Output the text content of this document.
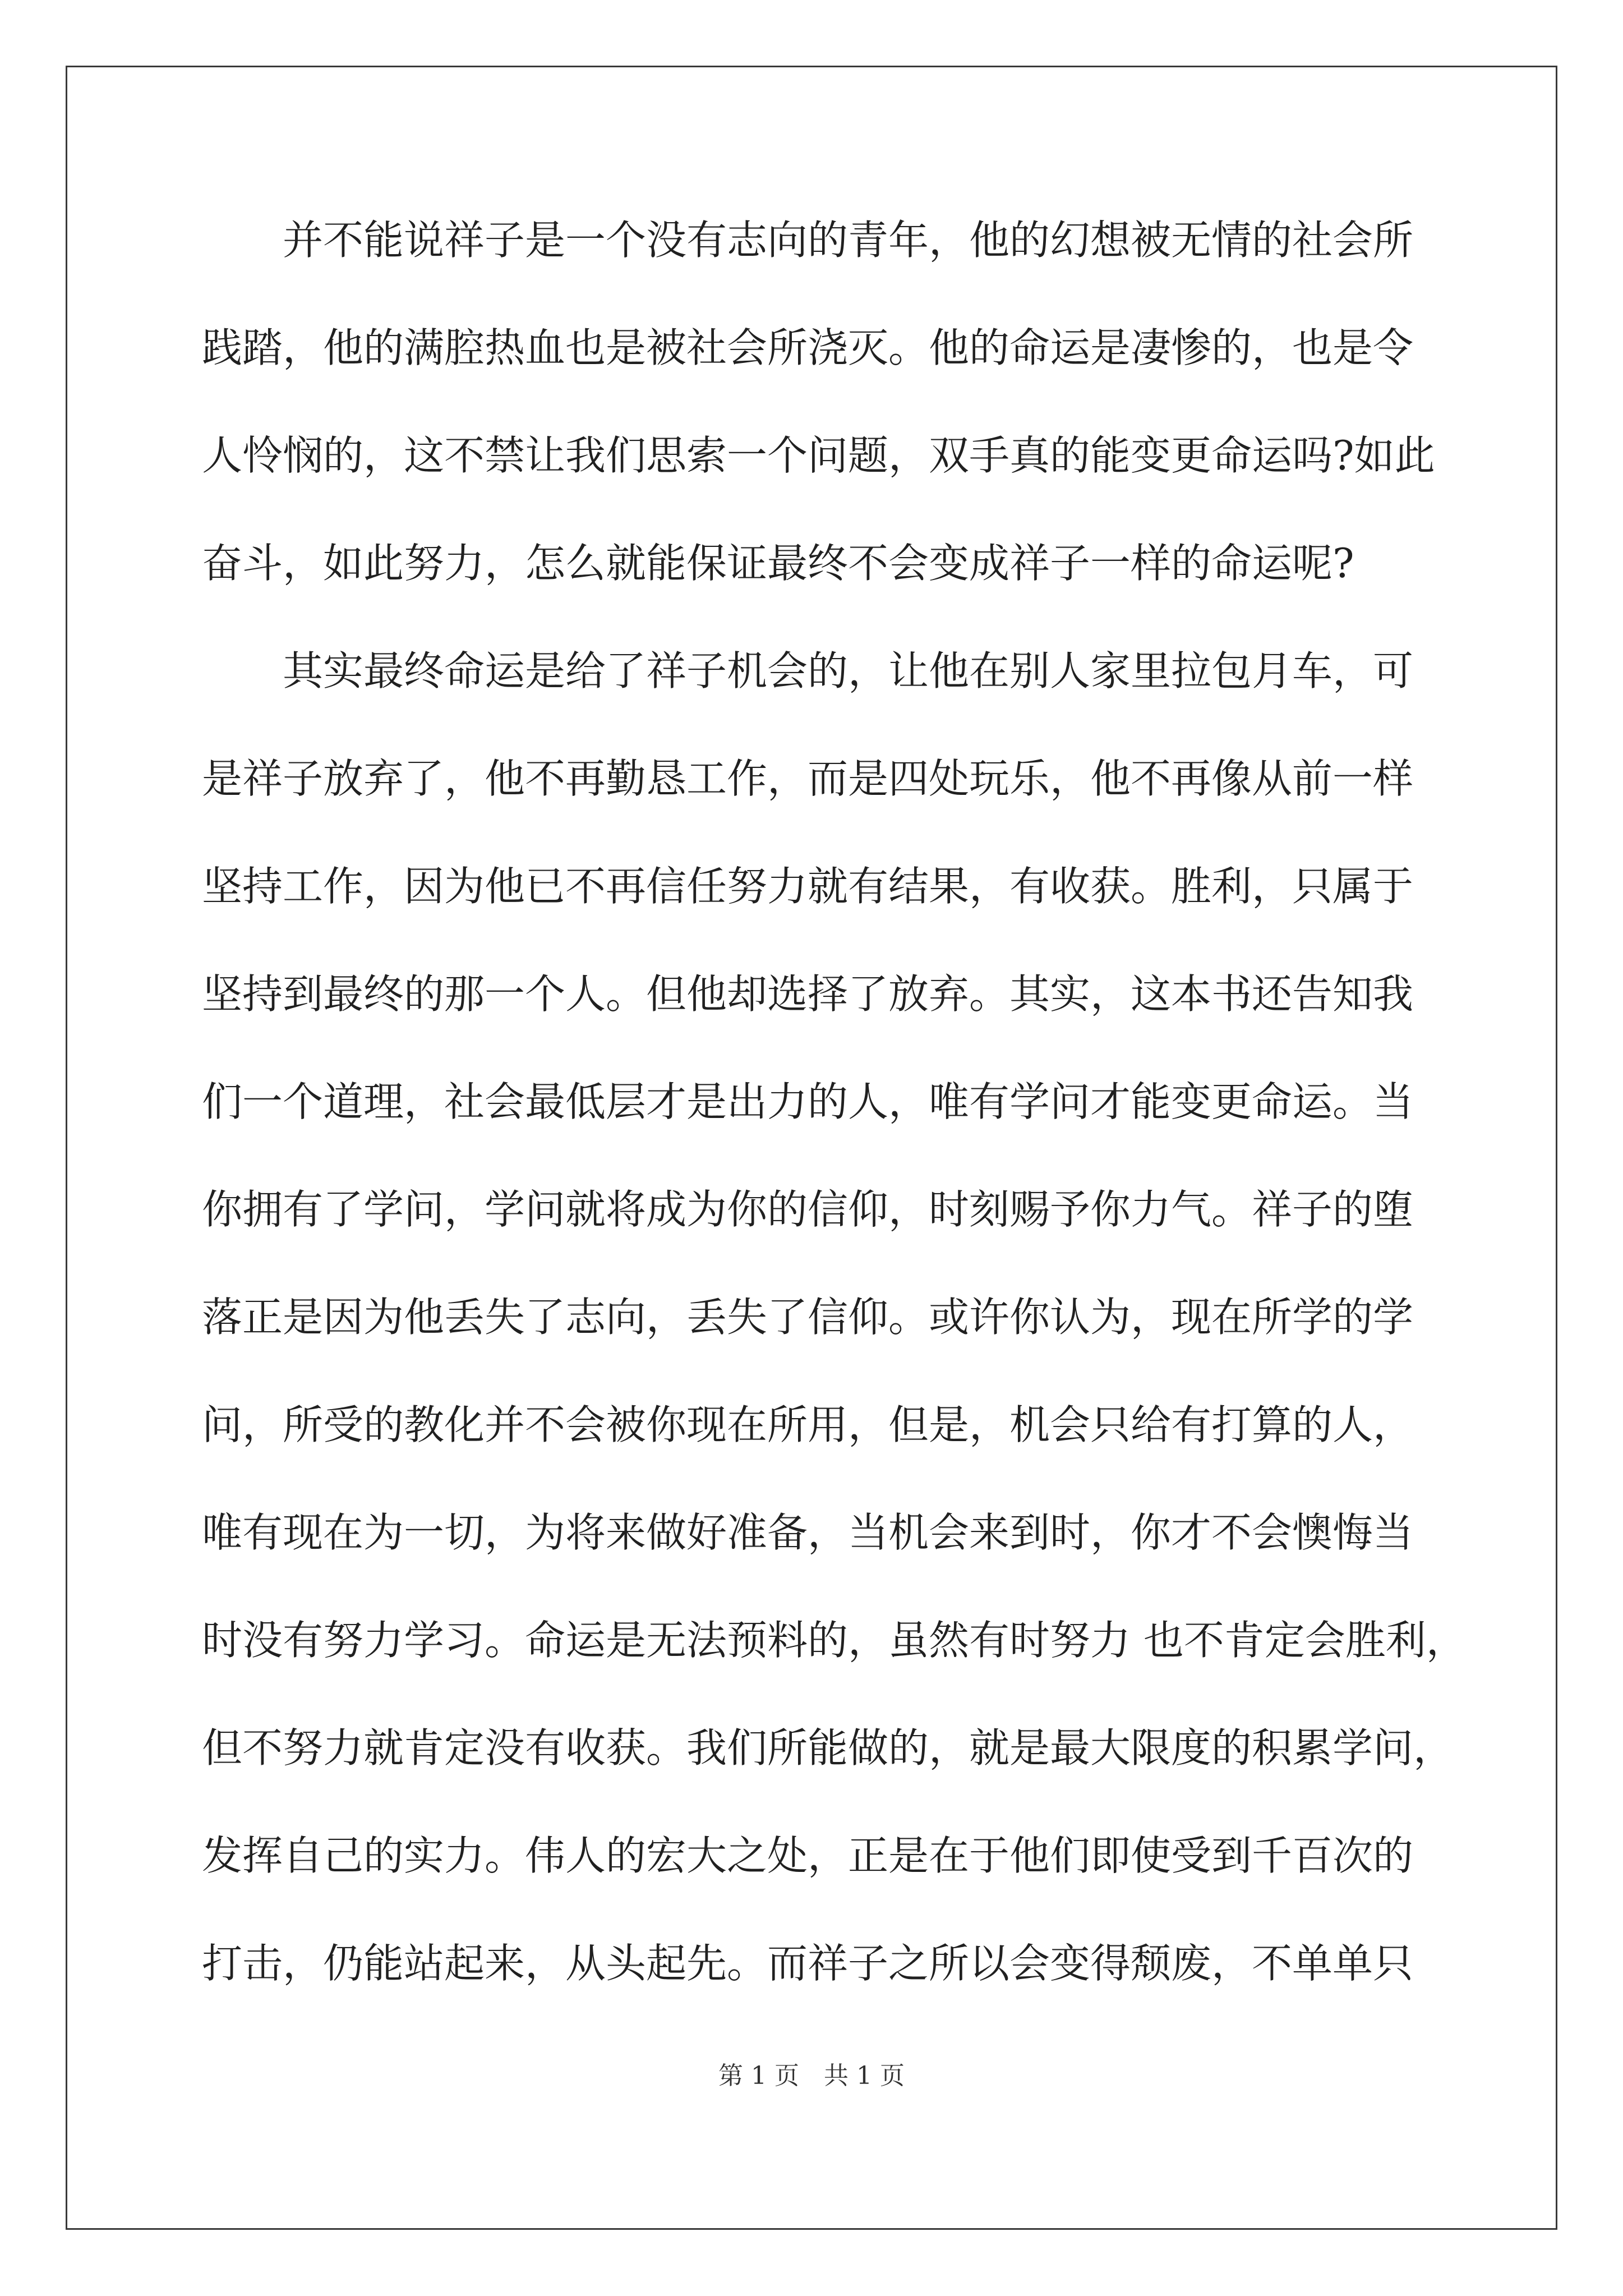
并不能说祥子是一个没有志向的青年，他的幻想被无情的社会所
践踏，他的满腔热血也是被社会所浇灭。他的命运是凄惨的，也是令
人怜悯的，这不禁让我们思索一个问题，双手真的能变更命运吗?如此
奋斗，如此努力，怎么就能保证最终不会变成祥子一样的命运呢?
其实最终命运是给了祥子机会的，让他在别人家里拉包月车，可
是祥子放弃了，他不再勤恳工作，而是四处玩乐，他不再像从前一样
坚持工作，因为他已不再信任努力就有结果，有收获。胜利，只属于
坚持到最终的那一个人。但他却选择了放弃。其实，这本书还告知我
们一个道理，社会最低层才是出力的人，唯有学问才能变更命运。当
你拥有了学问，学问就将成为你的信仰，时刻赐予你力气。祥子的堕
落正是因为他丢失了志向，丢失了信仰。或许你认为，现在所学的学
问，所受的教化并不会被你现在所用，但是，机会只给有打算的人，
唯有现在为一切，为将来做好准备，当机会来到时，你才不会懊悔当
时没有努力学习。命运是无法预料的，虽然有时努力 也不肯定会胜利，
但不努力就肯定没有收获。我们所能做的，就是最大限度的积累学问，
发挥自己的实力。伟人的宏大之处，正是在于他们即使受到千百次的
打击，仍能站起来，从头起先。而祥子之所以会变得颓废，不单单只
第 1 页　共 1 页
